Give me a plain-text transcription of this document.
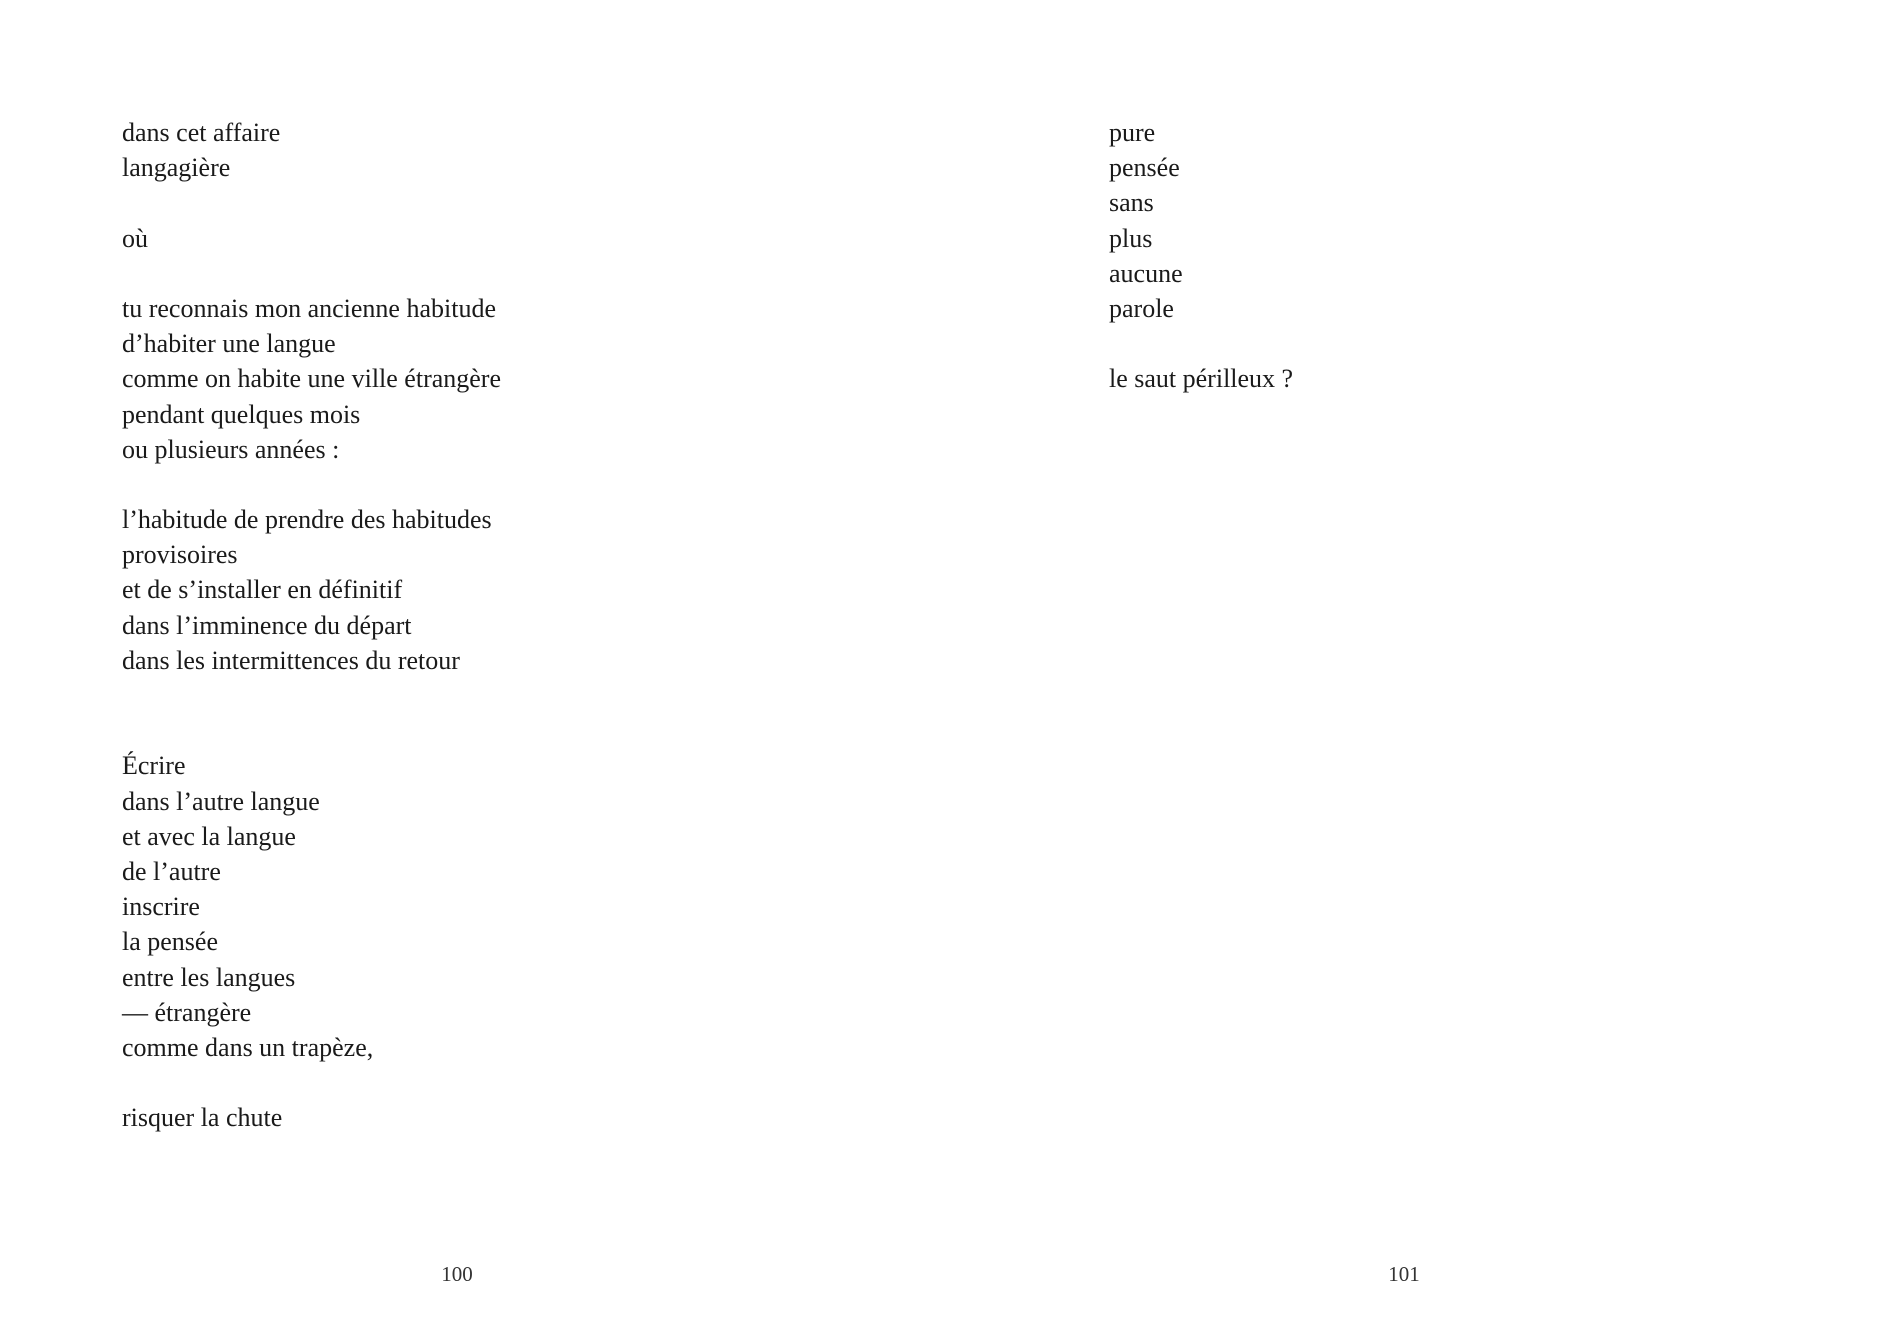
dans cet affaire
langagière
où
tu reconnais mon ancienne habitude
d’habiter une langue
comme on habite une ville étrangère
pendant quelques mois
ou plusieurs années :
l’habitude de prendre des habitudes
provisoires
et de s’installer en définitif
dans l’imminence du départ
dans les intermittences du retour
Écrire
dans l’autre langue
et avec la langue
de l’autre
inscrire
la pensée
entre les langues
— étrangère
comme dans un trapèze,
risquer la chute
100
pure
pensée
sans
plus
aucune
parole
le saut périlleux ?
101
